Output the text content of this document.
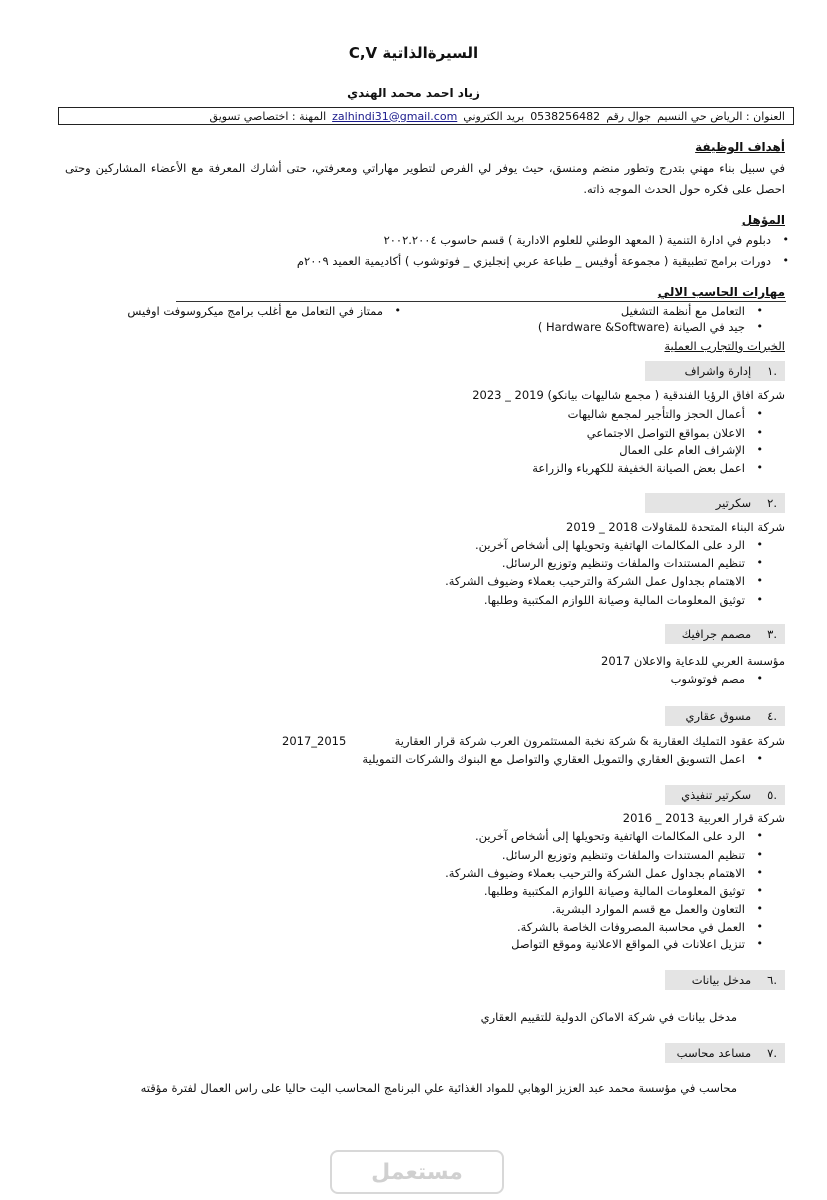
السيرةالذاتية C,V
زياد احمد محمد الهندي
العنوان : الرياض حي النسيم
جوال رقم
0538256482
بريد الكتروني
zalhindi31@gmail.com
المهنة : اختصاصي تسويق
أهداف الوظيفة
في سبيل بناء مهني بتدرج وتطور منضم ومنسق، حيث يوفر لي الفرص لتطوير مهاراتي ومعرفتي، حتى أشارك المعرفة مع الأعضاء المشاركين وحتى احصل على فكره حول الحدث الموجه ذاته.
المؤهل
• دبلوم في ادارة التنمية ( المعهد الوطني للعلوم الادارية ) قسم حاسوب ٢٠٠٢.٢٠٠٤
• دورات برامج تطبيقية ( مجموعة أوفيس _ طباعة عربي إنجليزي _ فوتوشوب ) أكاديمية العميد ٢٠٠٩م
مهارات الحاسب الالي
• التعامل مع أنظمة التشغيل
• ممتاز في التعامل مع أغلب برامج ميكروسوفت اوفيس
• جيد في الصيانة (Hardware &Software )
الخبرات والتجارب العملية
.١
إدارة واشراف
شركة افاق الرؤيا الفندقية ( مجمع شاليهات بيانكو) 2019 _ 2023
• أعمال الحجز والتأجير لمجمع شاليهات
• الاعلان بمواقع التواصل الاجتماعي
• الإشراف العام على العمال
• اعمل بعض الصيانة الخفيفة للكهرباء والزراعة
.٢
سكرتير
شركة البناء المتحدة للمقاولات 2018 _ 2019
• الرد على المكالمات الهاتفية وتحويلها إلى أشخاص آخرين.
• تنظيم المستندات والملفات وتنظيم وتوزيع الرسائل.
• الاهتمام بجداول عمل الشركة والترحيب بعملاء وضيوف الشركة.
• توثيق المعلومات المالية وصيانة اللوازم المكتبية وطلبها.
.٣
مصمم جرافيك
مؤسسة العربي للدعاية والاعلان 2017
• مصم فوتوشوب
.٤
مسوق عقاري
شركة عقود التمليك العقارية & شركة نخبة المستثمرون العرب شركة قرار العقارية
2017_2015
• اعمل التسويق العقاري والتمويل العقاري والتواصل مع البنوك والشركات التمويلية
.٥
سكرتير تنفيذي
شركة قرار العربية 2013 _ 2016
• الرد على المكالمات الهاتفية وتحويلها إلى أشخاص آخرين.
• تنظيم المستندات والملفات وتنظيم وتوزيع الرسائل.
• الاهتمام بجداول عمل الشركة والترحيب بعملاء وضيوف الشركة.
• توثيق المعلومات المالية وصيانة اللوازم المكتبية وطلبها.
• التعاون والعمل مع قسم الموارد البشرية.
• العمل في محاسبة المصروفات الخاصة بالشركة.
• تنزيل اعلانات في المواقع الاعلانية وموقع التواصل
.٦
مدخل بيانات
مدخل بيانات في شركة الاماكن الدولية للتقييم العقاري
.٧
مساعد محاسب
محاسب في مؤسسة محمد عبد العزيز الوهابي للمواد الغذائية علي البرنامج المحاسب اليت حاليا على راس العمال لفترة مؤقته
مستعمل
